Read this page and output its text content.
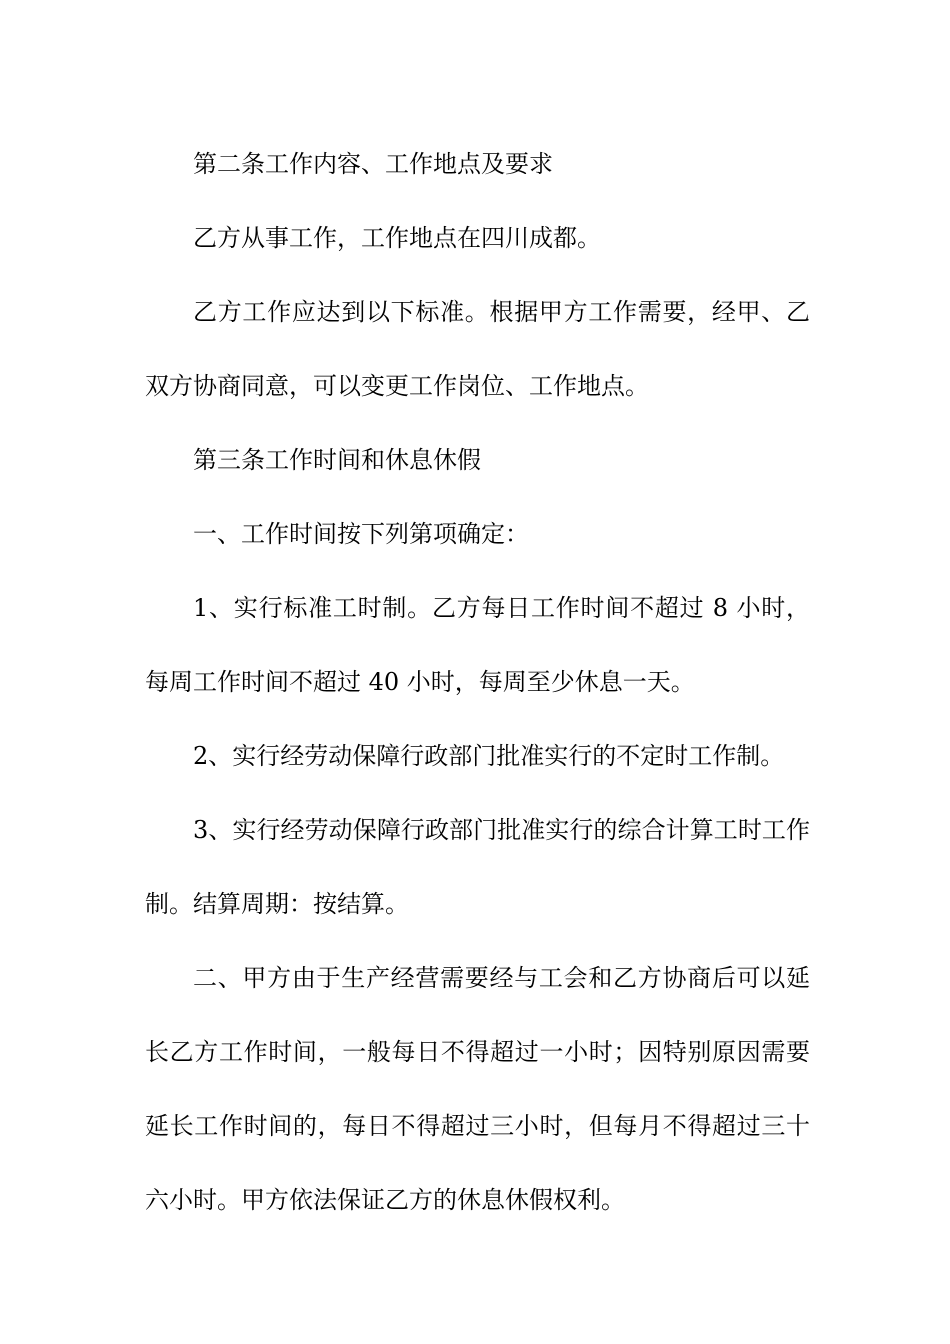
第二条工作内容、工作地点及要求

乙方从事工作，工作地点在四川成都。

乙方工作应达到以下标准。根据甲方工作需要，经甲、乙双方协商同意，可以变更工作岗位、工作地点。

第三条工作时间和休息休假

一、工作时间按下列第项确定：

1、实行标准工时制。乙方每日工作时间不超过 8 小时，每周工作时间不超过 40 小时，每周至少休息一天。

2、实行经劳动保障行政部门批准实行的不定时工作制。

3、实行经劳动保障行政部门批准实行的综合计算工时工作制。结算周期：按结算。

二、甲方由于生产经营需要经与工会和乙方协商后可以延长乙方工作时间，一般每日不得超过一小时；因特别原因需要延长工作时间的，每日不得超过三小时，但每月不得超过三十六小时。甲方依法保证乙方的休息休假权利。
